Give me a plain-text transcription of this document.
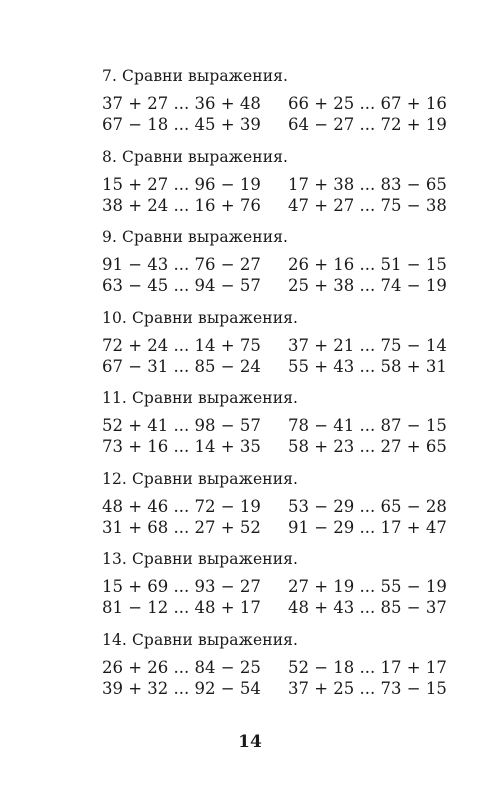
7. Сравни выражения.
37 + 27 ... 36 + 48	66 + 25 ... 67 + 16
67 − 18 ... 45 + 39	64 − 27 ... 72 + 19
8. Сравни выражения.
15 + 27 ... 96 − 19	17 + 38 ... 83 − 65
38 + 24 ... 16 + 76	47 + 27 ... 75 − 38
9. Сравни выражения.
91 − 43 ... 76 − 27	26 + 16 ... 51 − 15
63 − 45 ... 94 − 57	25 + 38 ... 74 − 19
10. Сравни выражения.
72 + 24 ... 14 + 75	37 + 21 ... 75 − 14
67 − 31 ... 85 − 24	55 + 43 ... 58 + 31
11. Сравни выражения.
52 + 41 ... 98 − 57	78 − 41 ... 87 − 15
73 + 16 ... 14 + 35	58 + 23 ... 27 + 65
12. Сравни выражения.
48 + 46 ... 72 − 19	53 − 29 ... 65 − 28
31 + 68 ... 27 + 52	91 − 29 ... 17 + 47
13. Сравни выражения.
15 + 69 ... 93 − 27	27 + 19 ... 55 − 19
81 − 12 ... 48 + 17	48 + 43 ... 85 − 37
14. Сравни выражения.
26 + 26 ... 84 − 25	52 − 18 ... 17 + 17
39 + 32 ... 92 − 54	37 + 25 ... 73 − 15
14
